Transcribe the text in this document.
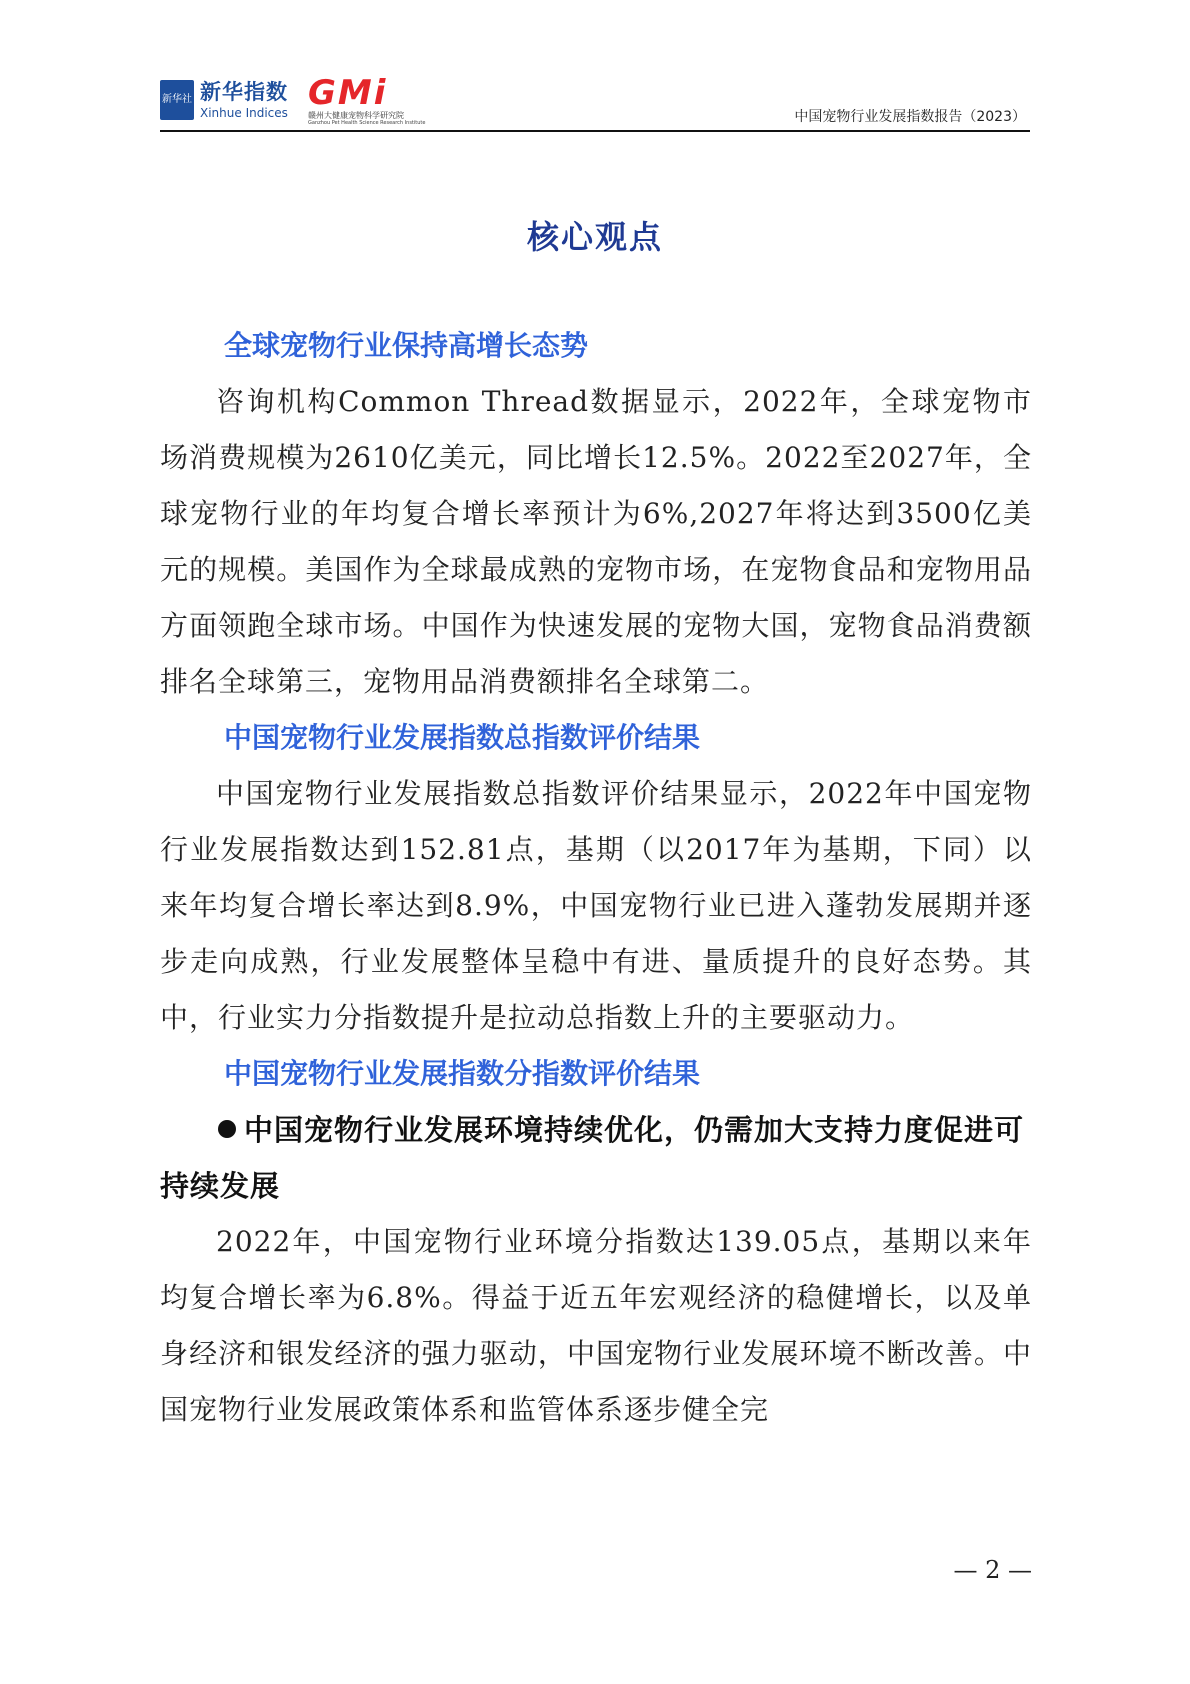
新华社 新华指数
Xinhue Indices GMi
赣州大健康宠物科学研究院
Ganzhou Pet Health Science Research Institute	中国宠物行业发展指数报告（2023）
核心观点
全球宠物行业保持高增长态势

咨询机构Common Thread数据显示，2022年，全球宠物市场消费规模为2610亿美元，同比增长12.5%。2022至2027年，全球宠物行业的年均复合增长率预计为6%,2027年将达到3500亿美元的规模。美国作为全球最成熟的宠物市场，在宠物食品和宠物用品方面领跑全球市场。中国作为快速发展的宠物大国，宠物食品消费额排名全球第三，宠物用品消费额排名全球第二。

中国宠物行业发展指数总指数评价结果

中国宠物行业发展指数总指数评价结果显示，2022年中国宠物行业发展指数达到152.81点，基期（以2017年为基期，下同）以来年均复合增长率达到8.9%，中国宠物行业已进入蓬勃发展期并逐步走向成熟，行业发展整体呈稳中有进、量质提升的良好态势。其中，行业实力分指数提升是拉动总指数上升的主要驱动力。

中国宠物行业发展指数分指数评价结果

中国宠物行业发展环境持续优化，仍需加大支持力度促进可持续发展

2022年，中国宠物行业环境分指数达139.05点，基期以来年均复合增长率为6.8%。得益于近五年宏观经济的稳健增长，以及单身经济和银发经济的强力驱动，中国宠物行业发展环境不断改善。中国宠物行业发展政策体系和监管体系逐步健全完

— 2 —
